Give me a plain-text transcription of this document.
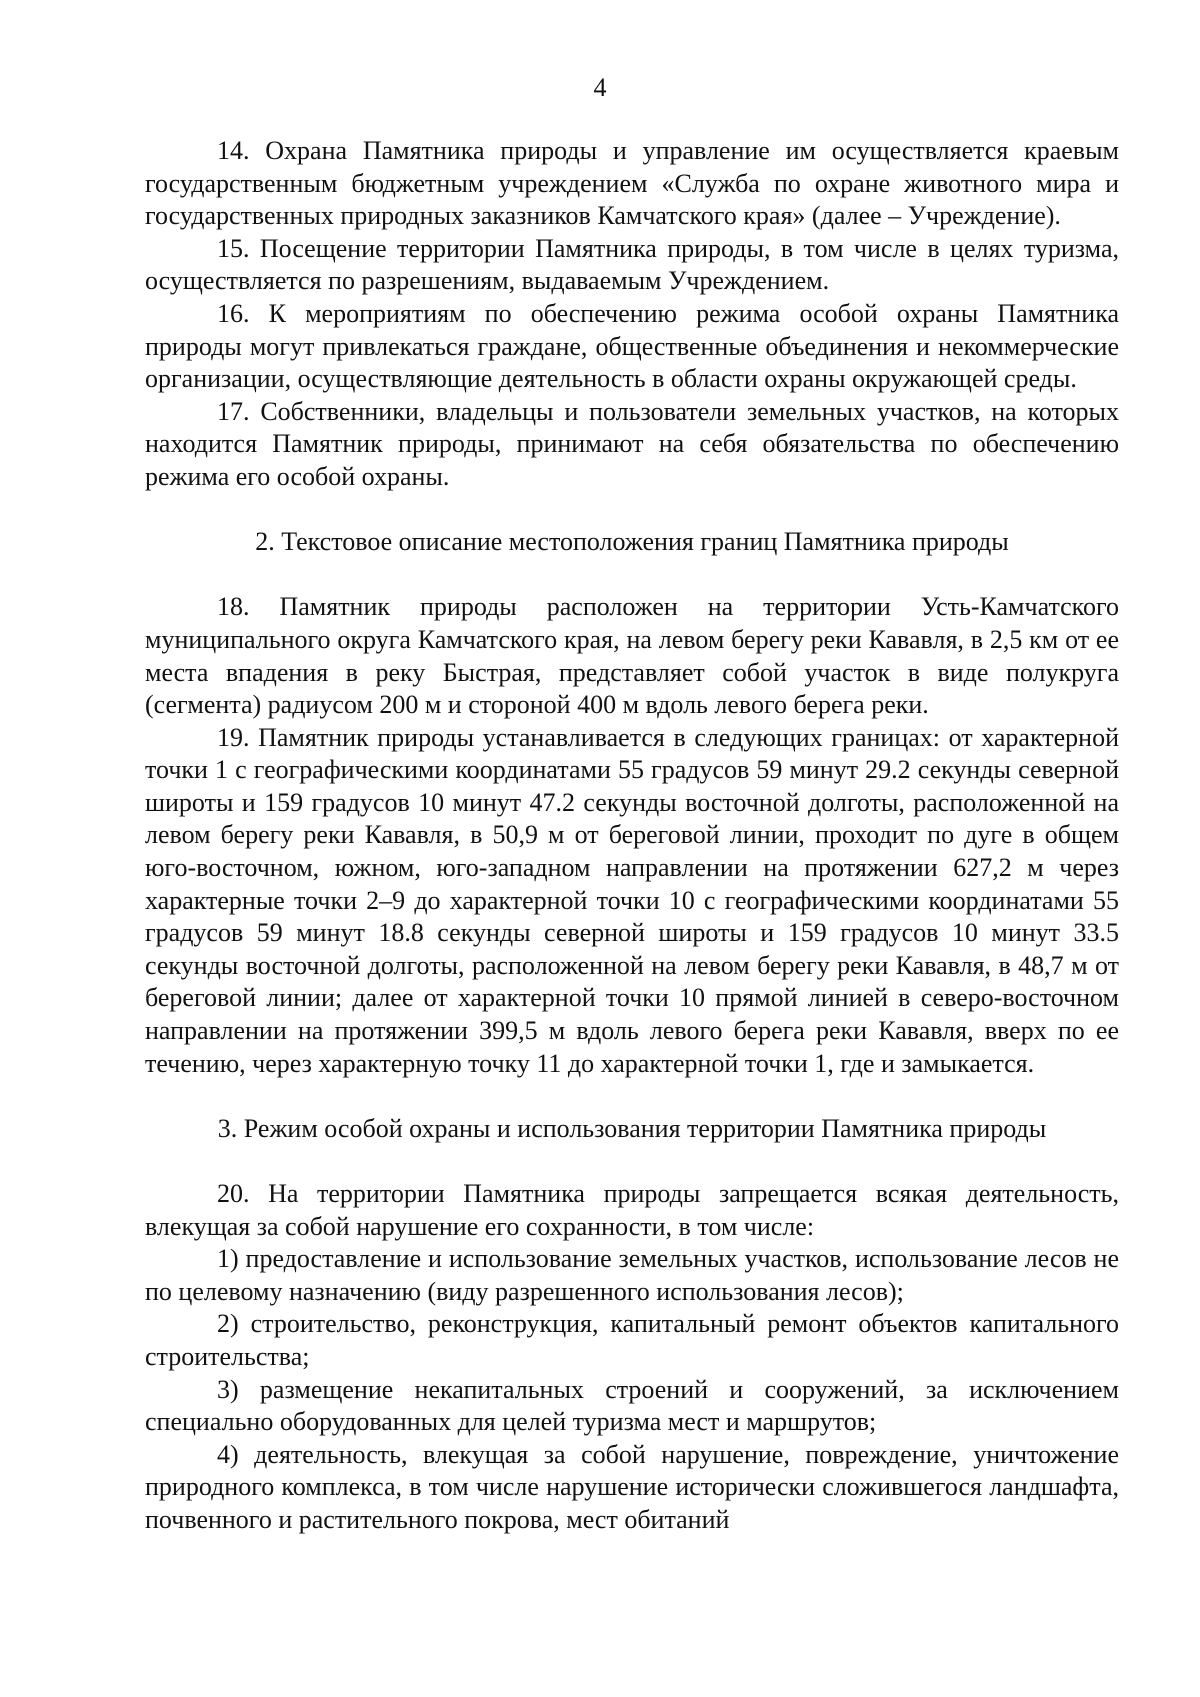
4

14. Охрана Памятника природы и управление им осуществляется краевым государственным бюджетным учреждением «Служба по охране животного мира и государственных природных заказников Камчатского края» (далее – Учреждение).

15. Посещение территории Памятника природы, в том числе в целях туризма, осуществляется по разрешениям, выдаваемым Учреждением.

16. К мероприятиям по обеспечению режима особой охраны Памятника природы могут привлекаться граждане, общественные объединения и некоммерческие организации, осуществляющие деятельность в области охраны окружающей среды.

17. Собственники, владельцы и пользователи земельных участков, на которых находится Памятник природы, принимают на себя обязательства по обеспечению режима его особой охраны.

2. Текстовое описание местоположения границ Памятника природы

18. Памятник природы расположен на территории Усть-Камчатского муниципального округа Камчатского края, на левом берегу реки Кававля, в 2,5 км от ее места впадения в реку Быстрая, представляет собой участок в виде полукруга (сегмента) радиусом 200 м и стороной 400 м вдоль левого берега реки.

19. Памятник природы устанавливается в следующих границах: от характерной точки 1 с географическими координатами 55 градусов 59 минут 29.2 секунды северной широты и 159 градусов 10 минут 47.2 секунды восточной долготы, расположенной на левом берегу реки Кававля, в 50,9 м от береговой линии, проходит по дуге в общем юго-восточном, южном, юго-западном направлении на протяжении 627,2 м через характерные точки 2–9 до характерной точки 10 с географическими координатами 55 градусов 59 минут 18.8 секунды северной широты и 159 градусов 10 минут 33.5 секунды восточной долготы, расположенной на левом берегу реки Кававля, в 48,7 м от береговой линии; далее от характерной точки 10 прямой линией в северо-восточном направлении на протяжении 399,5 м вдоль левого берега реки Кававля, вверх по ее течению, через характерную точку 11 до характерной точки 1, где и замыкается.

3. Режим особой охраны и использования территории Памятника природы

20. На территории Памятника природы запрещается всякая деятельность, влекущая за собой нарушение его сохранности, в том числе:

1) предоставление и использование земельных участков, использование лесов не по целевому назначению (виду разрешенного использования лесов);

2) строительство, реконструкция, капитальный ремонт объектов капитального строительства;

3) размещение некапитальных строений и сооружений, за исключением специально оборудованных для целей туризма мест и маршрутов;

4) деятельность, влекущая за собой нарушение, повреждение, уничтожение природного комплекса, в том числе нарушение исторически сложившегося ландшафта, почвенного и растительного покрова, мест обитаний
